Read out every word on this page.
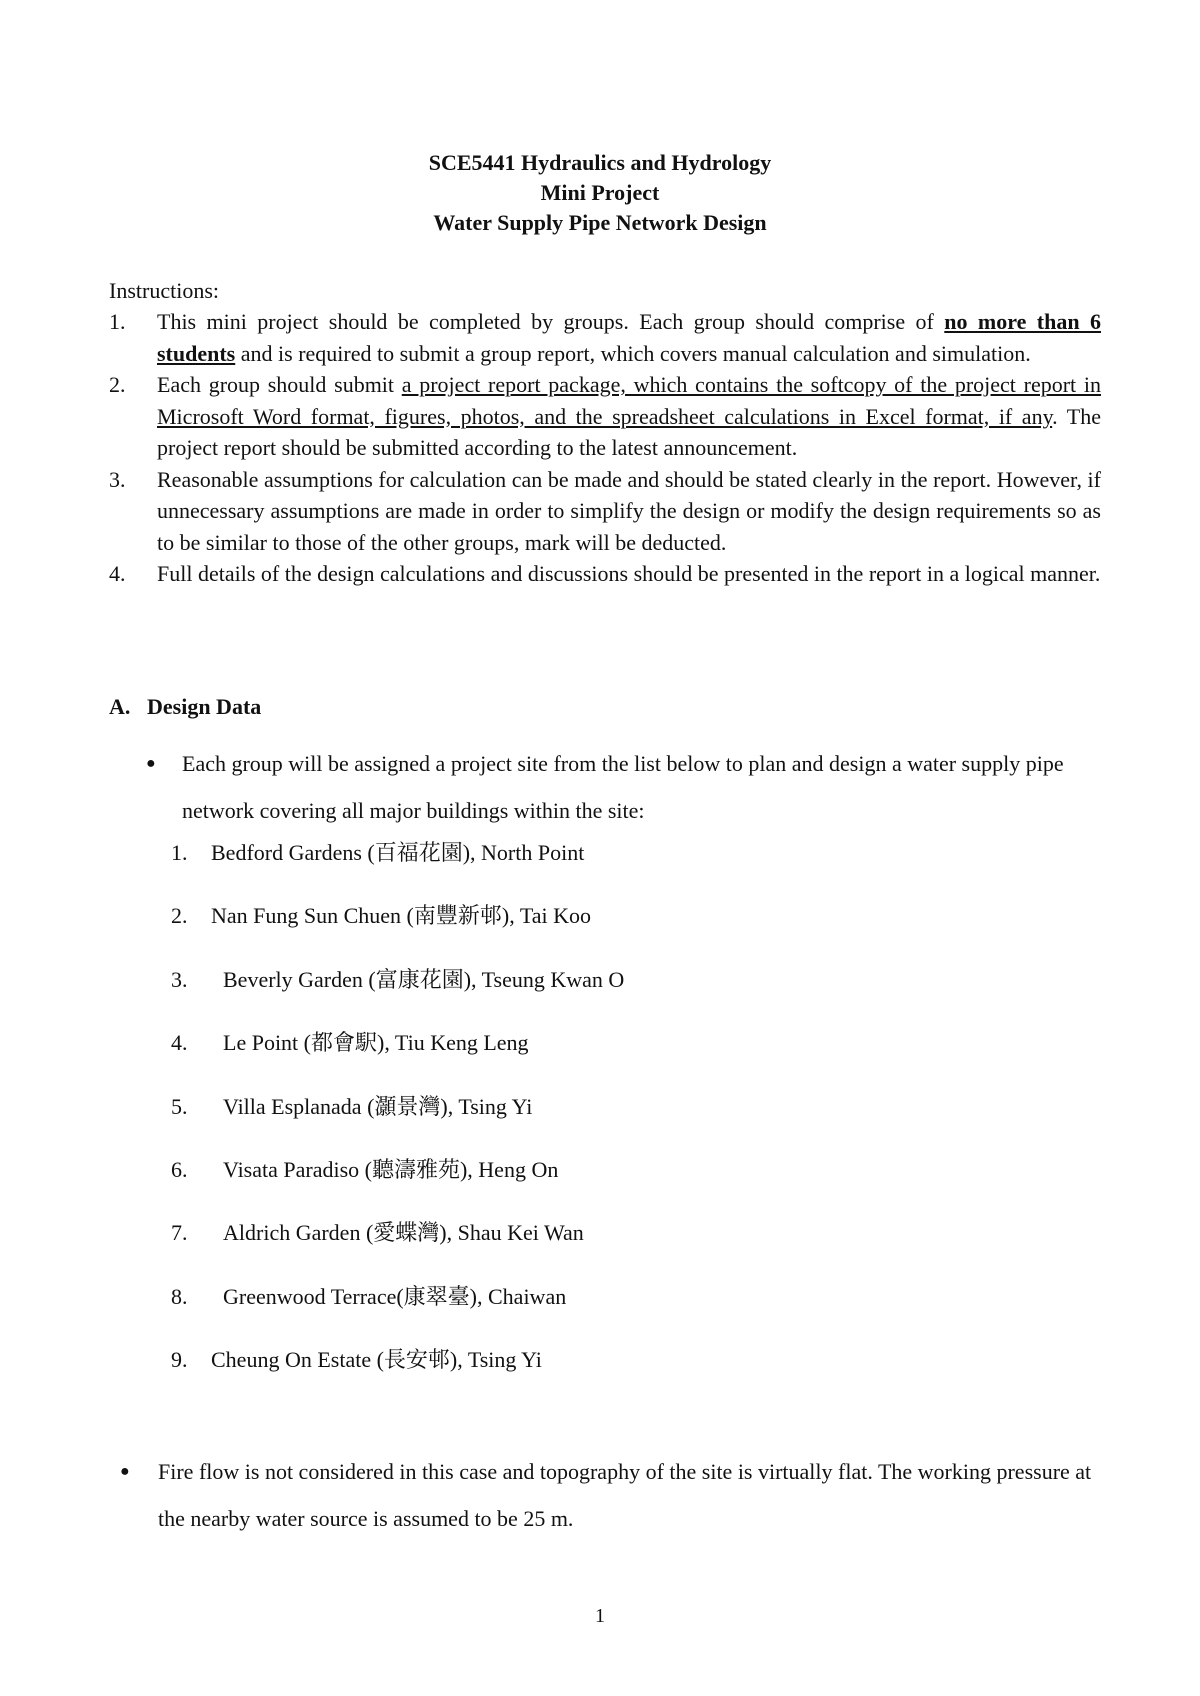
SCE5441 Hydraulics and Hydrology
Mini Project
Water Supply Pipe Network Design
Instructions:
1.	This mini project should be completed by groups. Each group should comprise of no more than 6 students and is required to submit a group report, which covers manual calculation and simulation.
2.	Each group should submit a project report package, which contains the softcopy of the project report in Microsoft Word format, figures, photos, and the spreadsheet calculations in Excel format, if any. The project report should be submitted according to the latest announcement.
3.	Reasonable assumptions for calculation can be made and should be stated clearly in the report. However, if unnecessary assumptions are made in order to simplify the design or modify the design requirements so as to be similar to those of the other groups, mark will be deducted.
4.	Full details of the design calculations and discussions should be presented in the report in a logical manner.
A. Design Data
●	Each group will be assigned a project site from the list below to plan and design a water supply pipe network covering all major buildings within the site:
1.	Bedford Gardens (百福花園), North Point
2.	Nan Fung Sun Chuen (南豐新邨), Tai Koo
3.	Beverly Garden (富康花園), Tseung Kwan O
4.	Le Point (都會駅), Tiu Keng Leng
5.	Villa Esplanada (灝景灣), Tsing Yi
6.	Visata Paradiso (聽濤雅苑), Heng On
7.	Aldrich Garden (愛蝶灣), Shau Kei Wan
8.	Greenwood Terrace(康翠臺), Chaiwan
9.	Cheung On Estate (長安邨), Tsing Yi
●	Fire flow is not considered in this case and topography of the site is virtually flat. The working pressure at the nearby water source is assumed to be 25 m.
1
